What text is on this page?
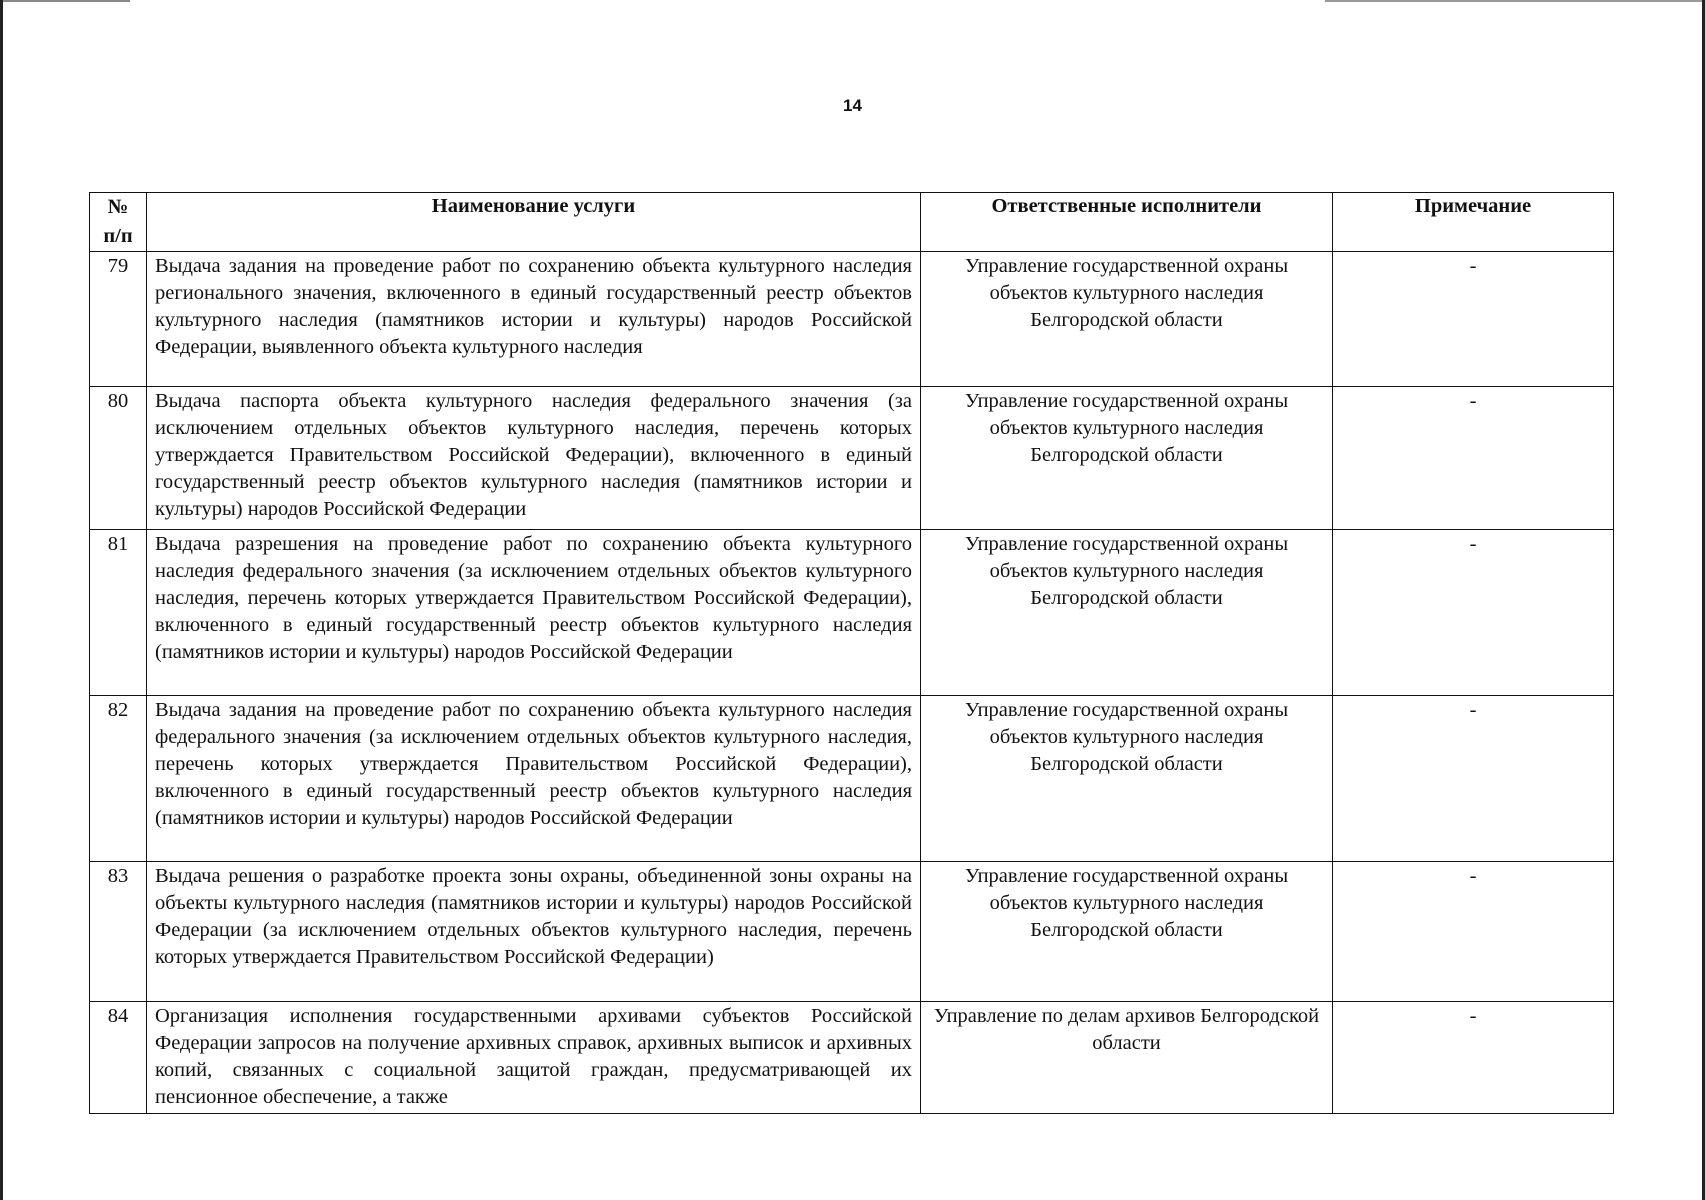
14
№ п/п	Наименование услуги	Ответственные исполнители	Примечание
79	Выдача задания на проведение работ по сохранению объекта культурного наследия регионального значения, включенного в единый государственный реестр объектов культурного наследия (памятников истории и культуры) народов Российской Федерации, выявленного объекта культурного наследия	Управление государственной охраны объектов культурного наследия Белгородской области	-
80	Выдача паспорта объекта культурного наследия федерального значения (за исключением отдельных объектов культурного наследия, перечень которых утверждается Правительством Российской Федерации), включенного в единый государственный реестр объектов культурного наследия (памятников истории и культуры) народов Российской Федерации	Управление государственной охраны объектов культурного наследия Белгородской области	-
81	Выдача разрешения на проведение работ по сохранению объекта культурного наследия федерального значения (за исключением отдельных объектов культурного наследия, перечень которых утверждается Правительством Российской Федерации), включенного в единый государственный реестр объектов культурного наследия (памятников истории и культуры) народов Российской Федерации	Управление государственной охраны объектов культурного наследия Белгородской области	-
82	Выдача задания на проведение работ по сохранению объекта культурного наследия федерального значения (за исключением отдельных объектов культурного наследия, перечень которых утверждается Правительством Российской Федерации), включенного в единый государственный реестр объектов культурного наследия (памятников истории и культуры) народов Российской Федерации	Управление государственной охраны объектов культурного наследия Белгородской области	-
83	Выдача решения о разработке проекта зоны охраны, объединенной зоны охраны на объекты культурного наследия (памятников истории и культуры) народов Российской Федерации (за исключением отдельных объектов культурного наследия, перечень которых утверждается Правительством Российской Федерации)	Управление государственной охраны объектов культурного наследия Белгородской области	-
84	Организация исполнения государственными архивами субъектов Российской Федерации запросов на получение архивных справок, архивных выписок и архивных копий, связанных с социальной защитой граждан, предусматривающей их пенсионное обеспечение, а также	Управление по делам архивов Белгородской области	-
